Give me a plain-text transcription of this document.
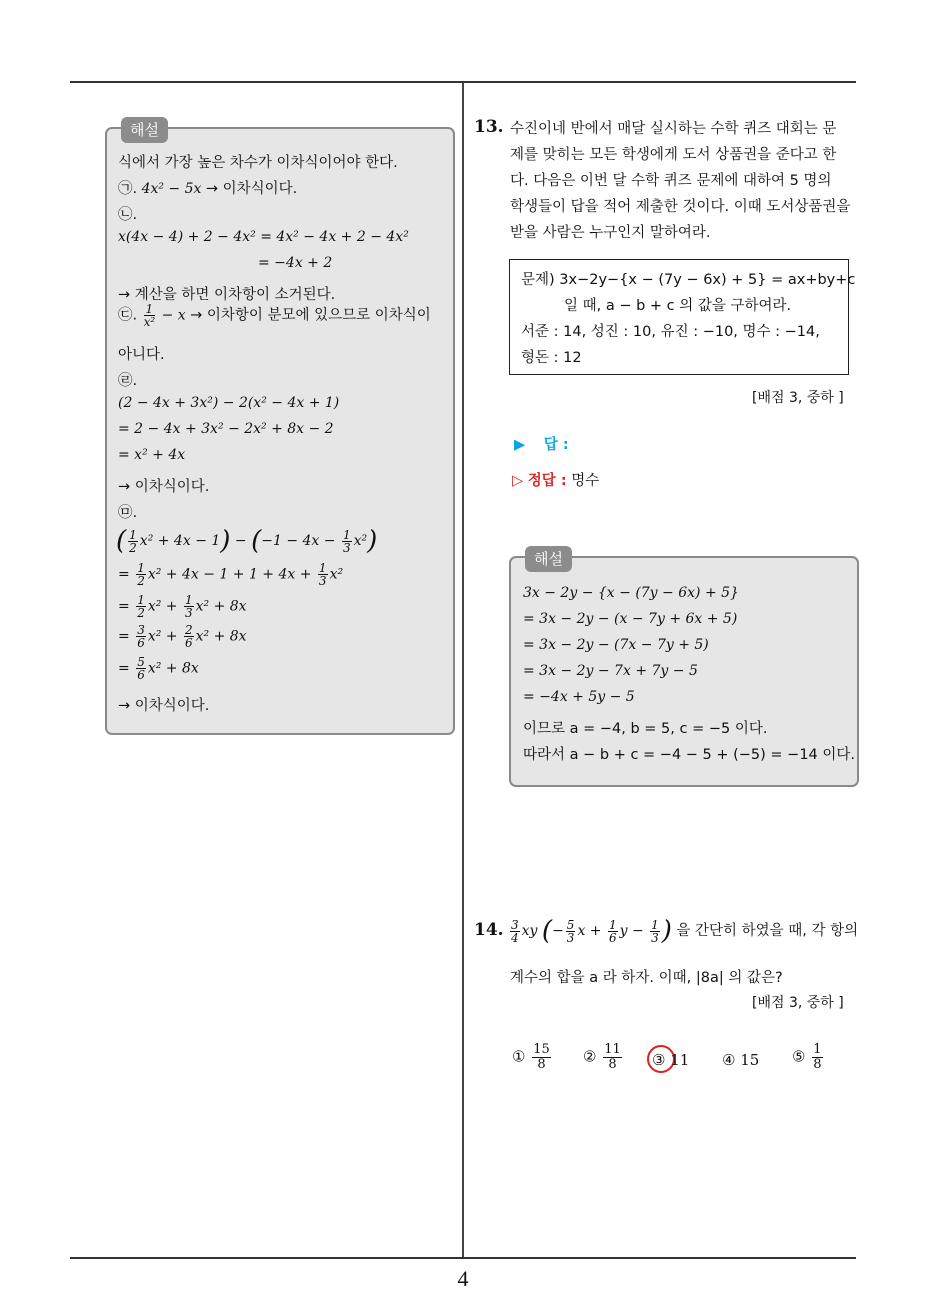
4
해설
식에서 가장 높은 차수가 이차식이어야 한다.
㉠. 4x² − 5x → 이차식이다.
㉡.
x(4x − 4) + 2 − 4x² = 4x² − 4x + 2 − 4x²
= −4x + 2
→ 계산을 하면 이차항이 소거된다.
㉢. $\frac{1}{\text{x²}} - x$ → 이차항이 분모에 있으므로 이차식이
아니다.
㉣.
(2 − 4x + 3x²) − 2(x² − 4x + 1)
= 2 − 4x + 3x² − 2x² + 8x − 2
= x² + 4x
→ 이차식이다.
㉤.
( $\frac{1}{2} x^2 + 4x - 1) - (-1 - 4x - \frac{1}{3} x^2)$
= $\frac{1}{2} x^2 + 4x - 1 + 1 + 4x + \frac{1}{3} x^2$
= $\frac{1}{2} x^2 + \frac{1}{3} x^2 + 8x$
= $\frac{3}{6} x^2 + \frac{2}{6} x^2 + 8x$
= $\frac{5}{6} x^2 + 8x$
→ 이차식이다.
13. 수진이네 반에서 매달 실시하는 수학 퀴즈 대회는 문
제를 맞히는 모든 학생에게 도서 상품권을 준다고 한
다. 다음은 이번 달 수학 퀴즈 문제에 대하여 5 명의
학생들이 답을 적어 제출한 것이다. 이때 도서상품권을
받을 사람은 누구인지 말하여라.
문제) 3x−2y−{x − (7y − 6x) + 5} = ax+by+c
일 때, a − b + c 의 값을 구하여라.
서준 : 14, 성진 : 10, 유진 : −10, 명수 : −14,
형돈 : 12
[배점 3, 중하 ]
▶ 답 :
▷ 정답 : 명수
해설
3x − 2y − {x − (7y − 6x) + 5}
= 3x − 2y − (x − 7y + 6x + 5)
= 3x − 2y − (7x − 7y + 5)
= 3x − 2y − 7x + 7y − 5
= −4x + 5y − 5
이므로 a = −4, b = 5, c = −5 이다.
따라서 a − b + c = −4 − 5 + (−5) = −14 이다.
14. $\frac{3}{4}$ xy (− $\frac{5}{3}$ $x + \frac{1}{6}$ $y - \frac{1}{3}$ ) 을 간단히 하였을 때, 각 항의
계수의 합을 a 라 하자. 이때, |8a| 의 값은?
[배점 3, 중하 ]
① $\frac{15}{8}$ ② $\frac{11}{8}$ ③ 11 ④ 15 ⑤ $\frac{1}{8}$
